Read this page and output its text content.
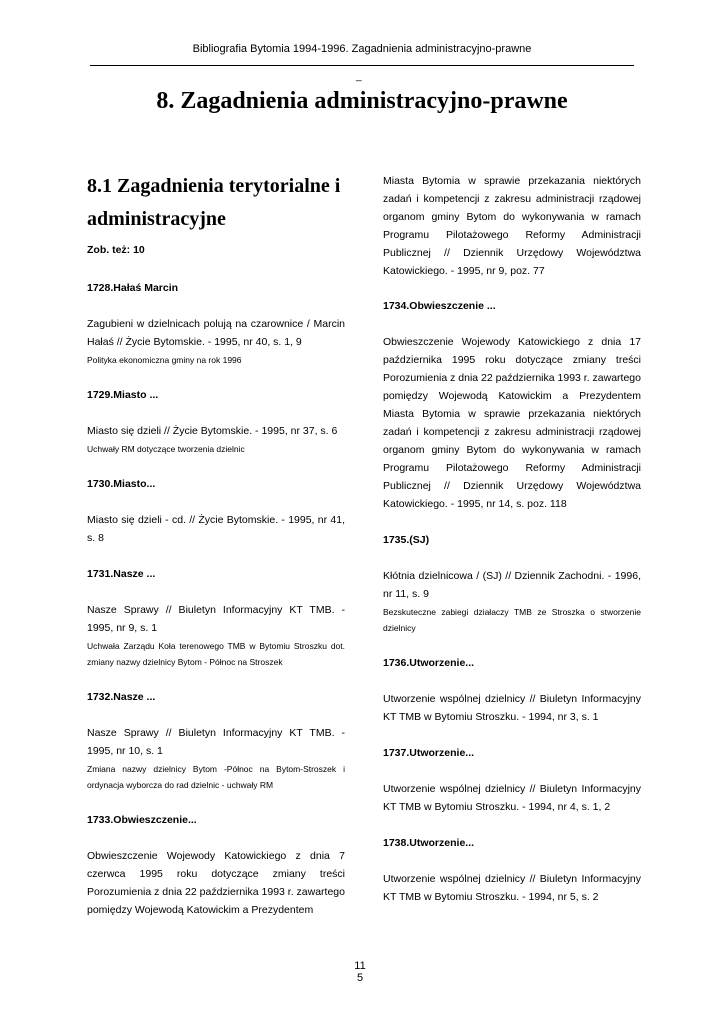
Bibliografia Bytomia 1994-1996. Zagadnienia administracyjno-prawne
_
8. Zagadnienia administracyjno-prawne
8.1 Zagadnienia terytorialne i administracyjne

Zob. też: 10

1728.Hałaś Marcin

Zagubieni w dzielnicach polują na czarownice / Marcin Hałaś // Życie Bytomskie. - 1995, nr 40, s. 1, 9

Polityka ekonomiczna gminy na rok 1996

1729.Miasto ...

Miasto się dzieli // Życie Bytomskie. - 1995, nr 37, s. 6

Uchwały RM dotyczące tworzenia dzielnic

1730.Miasto...

Miasto się dzieli - cd. // Życie Bytomskie. - 1995, nr 41, s. 8

1731.Nasze ...

Nasze Sprawy // Biuletyn Informacyjny KT TMB. - 1995, nr 9, s. 1

Uchwała Zarządu Koła terenowego TMB w Bytomiu Stroszku dot. zmiany nazwy dzielnicy Bytom - Północ na Stroszek

1732.Nasze ...

Nasze Sprawy // Biuletyn Informacyjny KT TMB. - 1995, nr 10, s. 1

Zmiana nazwy dzielnicy Bytom -Północ na Bytom-Stroszek i ordynacja wyborcza do rad dzielnic - uchwały RM

1733.Obwieszczenie...

Obwieszczenie Wojewody Katowickiego z dnia 7 czerwca 1995 roku dotyczące zmiany treści Porozumienia z dnia 22 października 1993 r. zawartego pomiędzy Wojewodą Katowickim a Prezydentem

Miasta Bytomia w sprawie przekazania niektórych zadań i kompetencji z zakresu administracji rządowej organom gminy Bytom do wykonywania w ramach Programu Pilotażowego Reformy Administracji Publicznej // Dziennik Urzędowy Województwa Katowickiego. - 1995, nr 9, poz. 77

1734.Obwieszczenie ...

Obwieszczenie Wojewody Katowickiego z dnia 17 października 1995 roku dotyczące zmiany treści Porozumienia z dnia 22 października 1993 r. zawartego pomiędzy Wojewodą Katowickim a Prezydentem Miasta Bytomia w sprawie przekazania niektórych zadań i kompetencji z zakresu administracji rządowej organom gminy Bytom do wykonywania w ramach Programu Pilotażowego Reformy Administracji Publicznej // Dziennik Urzędowy Województwa Katowickiego. - 1995, nr 14, s. poz. 118

1735.(SJ)

Kłótnia dzielnicowa / (SJ) // Dziennik Zachodni. - 1996, nr 11, s. 9

Bezskuteczne zabiegi działaczy TMB ze Stroszka o stworzenie dzielnicy

1736.Utworzenie...

Utworzenie wspólnej dzielnicy // Biuletyn Informacyjny KT TMB w Bytomiu Stroszku. - 1994, nr 3, s. 1

1737.Utworzenie...

Utworzenie wspólnej dzielnicy // Biuletyn Informacyjny KT TMB w Bytomiu Stroszku. - 1994, nr 4, s. 1, 2

1738.Utworzenie...

Utworzenie wspólnej dzielnicy // Biuletyn Informacyjny KT TMB w Bytomiu Stroszku. - 1994, nr 5, s. 2

11
5
